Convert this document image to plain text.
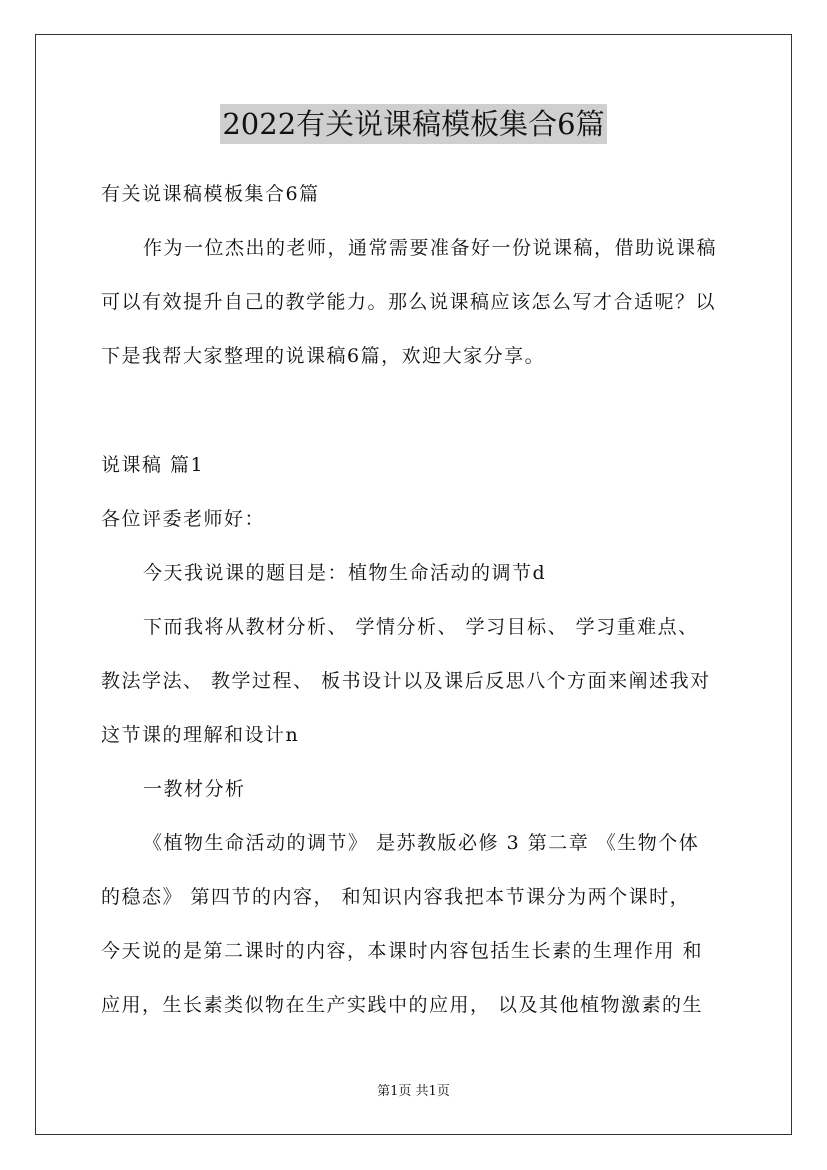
2022有关说课稿模板集合6篇
有关说课稿模板集合6篇
作为一位杰出的老师，通常需要准备好一份说课稿，借助说课稿
可以有效提升自己的教学能力。那么说课稿应该怎么写才合适呢？以
下是我帮大家整理的说课稿6篇，欢迎大家分享。
说课稿 篇1
各位评委老师好：
今天我说课的题目是：植物生命活动的调节d
下而我将从教材分析、 学情分析、 学习目标、 学习重难点、
教法学法、 教学过程、 板书设计以及课后反思八个方面来阐述我对
这节课的理解和设计n
一教材分析
《植物生命活动的调节》 是苏教版必修 3 第二章 《生物个体
的稳态》 第四节的内容， 和知识内容我把本节课分为两个课时，
今天说的是第二课时的内容，本课时内容包括生长素的生理作用 和
应用，生长素类似物在生产实践中的应用， 以及其他植物激素的生
第1页 共1页
